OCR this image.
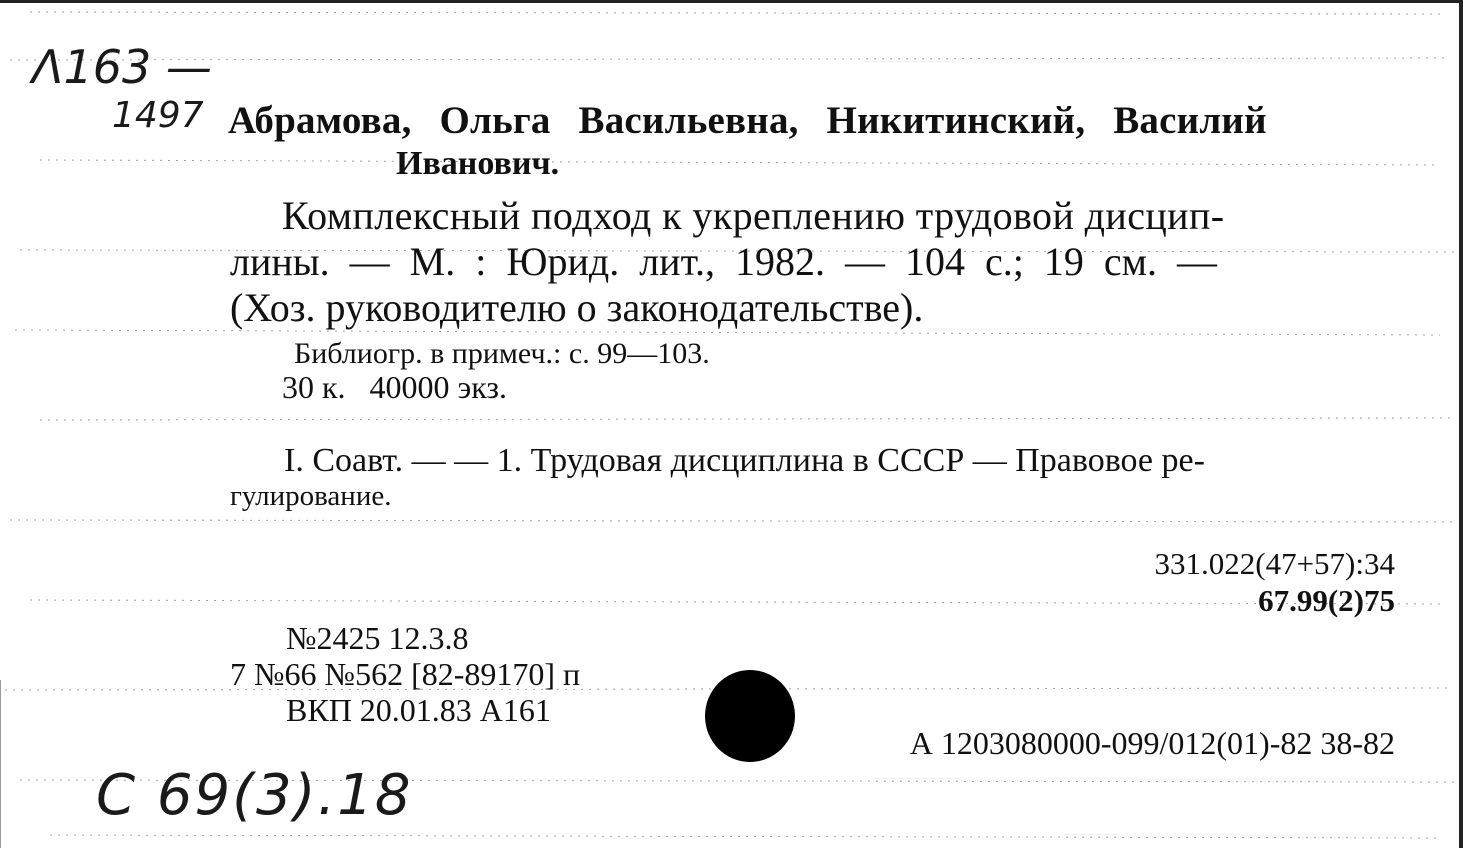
Λ163 —
1497 Абрамова, Ольга Васильевна, Никитинский, Василий
Иванович.
Комплексный подход к укреплению трудовой дисцип-
лины. — М. : Юрид. лит., 1982. — 104 с.; 19 см. —
(Хоз. руководителю о законодательстве).
Библиогр. в примеч.: с. 99—103.
30 к.   40000 экз.
I. Соавт. — — 1. Трудовая дисциплина в СССР — Правовое ре-
гулирование.
331.022(47+57):34
67.99(2)75
№2425 12.3.8
7 №66 №562 [82-89170] п
ВКП 20.01.83 А161
А 1203080000-099/012(01)-82 38-82
С 69(3).18
